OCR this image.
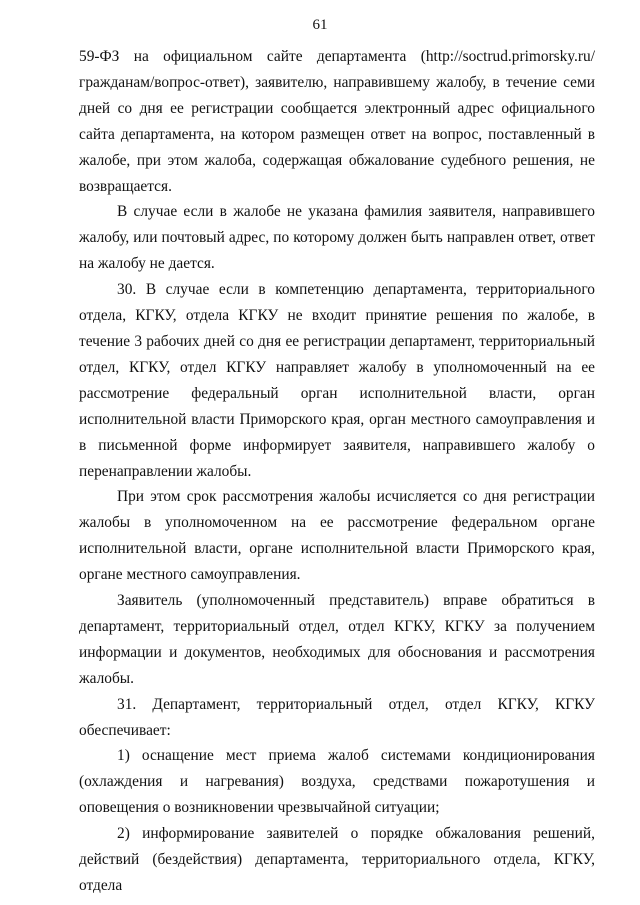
61

59-ФЗ на официальном сайте департамента (http://soctrud.primorsky.ru/ гражданам/вопрос-ответ), заявителю, направившему жалобу, в течение семи дней со дня ее регистрации сообщается электронный адрес официального сайта департамента, на котором размещен ответ на вопрос, поставленный в жалобе, при этом жалоба, содержащая обжалование судебного решения, не возвращается.

В случае если в жалобе не указана фамилия заявителя, направившего жалобу, или почтовый адрес, по которому должен быть направлен ответ, ответ на жалобу не дается.

30. В случае если в компетенцию департамента, территориального отдела, КГКУ, отдела КГКУ не входит принятие решения по жалобе, в течение 3 рабочих дней со дня ее регистрации департамент, территориальный отдел, КГКУ, отдел КГКУ направляет жалобу в уполномоченный на ее рассмотрение федеральный орган исполнительной власти, орган исполнительной власти Приморского края, орган местного самоуправления и в письменной форме информирует заявителя, направившего жалобу о перенаправлении жалобы.

При этом срок рассмотрения жалобы исчисляется со дня регистрации жалобы в уполномоченном на ее рассмотрение федеральном органе исполнительной власти, органе исполнительной власти Приморского края, органе местного самоуправления.

Заявитель (уполномоченный представитель) вправе обратиться в департамент, территориальный отдел, отдел КГКУ, КГКУ за получением информации и документов, необходимых для обоснования и рассмотрения жалобы.

31. Департамент, территориальный отдел, отдел КГКУ, КГКУ обеспечивает:

1) оснащение мест приема жалоб системами кондиционирования (охлаждения и нагревания) воздуха, средствами пожаротушения и оповещения о возникновении чрезвычайной ситуации;

2) информирование заявителей о порядке обжалования решений, действий (бездействия) департамента, территориального отдела, КГКУ, отдела
